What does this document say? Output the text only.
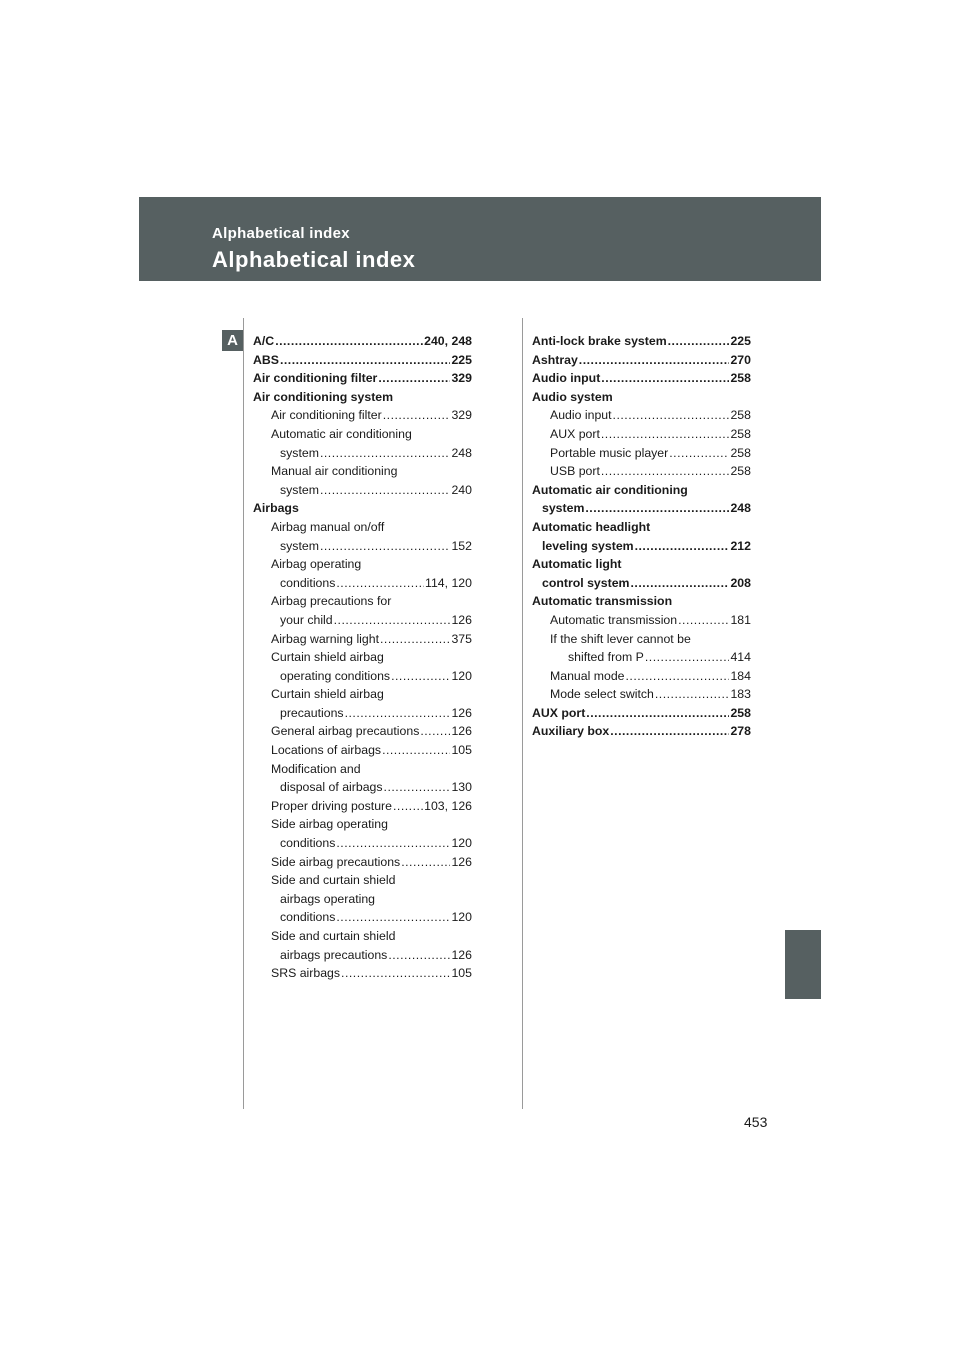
Alphabetical index
Alphabetical index
A	A/C .....	240, 248
ABS .....	225
Air conditioning filter .....	329
Air conditioning system
Air conditioning filter .....	329
Automatic air conditioning
system .....	248
Manual air conditioning
system .....	240
Airbags
Airbag manual on/off
system .....	152
Airbag operating
conditions .....	114, 120
Airbag precautions for
your child .....	126
Airbag warning light .....	375
Curtain shield airbag
operating conditions .....	120
Curtain shield airbag
precautions .....	126
General airbag precautions .....	126
Locations of airbags .....	105
Modification and
disposal of airbags .....	130
Proper driving posture .....	103, 126
Side airbag operating
conditions .....	120
Side airbag precautions .....	126
Side and curtain shield
airbags operating
conditions .....	120
Side and curtain shield
airbags precautions .....	126
SRS airbags .....	105
Anti-lock brake system .....	225
Ashtray .....	270
Audio input .....	258
Audio system
Audio input .....	258
AUX port .....	258
Portable music player .....	258
USB port .....	258
Automatic air conditioning
system .....	248
Automatic headlight
leveling system .....	212
Automatic light
control system .....	208
Automatic transmission
Automatic transmission .....	181
If the shift lever cannot be
shifted from P .....	414
Manual mode .....	184
Mode select switch .....	183
AUX port .....	258
Auxiliary box .....	278
453
